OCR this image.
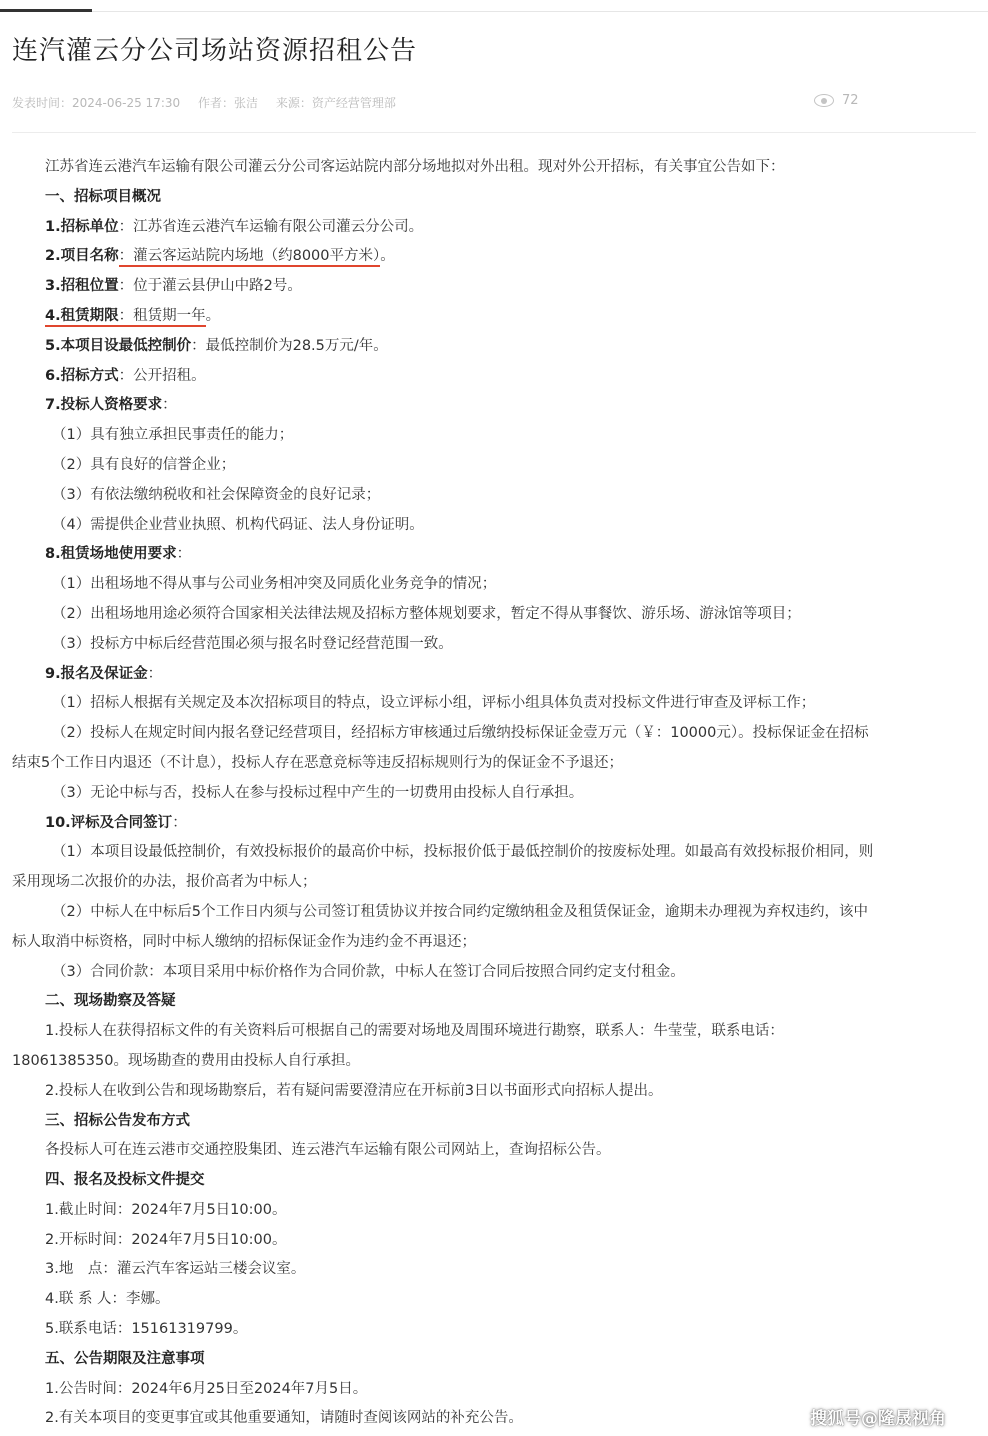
连汽灌云分公司场站资源招租公告
发表时间：2024-06-25 17:30 作者：张洁 来源：资产经营管理部	72
江苏省连云港汽车运输有限公司灌云分公司客运站院内部分场地拟对外出租。现对外公开招标，有关事宜公告如下：
一、招标项目概况
1.招标单位：江苏省连云港汽车运输有限公司灌云分公司。
2.项目名称：灌云客运站院内场地（约8000平方米）。
3.招租位置：位于灌云县伊山中路2号。
4.租赁期限：租赁期一年。
5.本项目设最低控制价：最低控制价为28.5万元/年。
6.招标方式：公开招租。
7.投标人资格要求：
（1）具有独立承担民事责任的能力；
（2）具有良好的信誉企业；
（3）有依法缴纳税收和社会保障资金的良好记录；
（4）需提供企业营业执照、机构代码证、法人身份证明。
8.租赁场地使用要求：
（1）出租场地不得从事与公司业务相冲突及同质化业务竞争的情况；
（2）出租场地用途必须符合国家相关法律法规及招标方整体规划要求，暂定不得从事餐饮、游乐场、游泳馆等项目；
（3）投标方中标后经营范围必须与报名时登记经营范围一致。
9.报名及保证金：
（1）招标人根据有关规定及本次招标项目的特点，设立评标小组，评标小组具体负责对投标文件进行审查及评标工作；
（2）投标人在规定时间内报名登记经营项目，经招标方审核通过后缴纳投标保证金壹万元（￥：10000元）。投标保证金在招标
结束5个工作日内退还（不计息），投标人存在恶意竞标等违反招标规则行为的保证金不予退还；
（3）无论中标与否，投标人在参与投标过程中产生的一切费用由投标人自行承担。
10.评标及合同签订：
（1）本项目设最低控制价，有效投标报价的最高价中标，投标报价低于最低控制价的按废标处理。如最高有效投标报价相同，则
采用现场二次报价的办法，报价高者为中标人；
（2）中标人在中标后5个工作日内须与公司签订租赁协议并按合同约定缴纳租金及租赁保证金，逾期未办理视为弃权违约，该中
标人取消中标资格，同时中标人缴纳的招标保证金作为违约金不再退还；
（3）合同价款：本项目采用中标价格作为合同价款，中标人在签订合同后按照合同约定支付租金。
二、现场勘察及答疑
1.投标人在获得招标文件的有关资料后可根据自己的需要对场地及周围环境进行勘察，联系人：牛莹莹，联系电话：
18061385350。现场勘查的费用由投标人自行承担。
2.投标人在收到公告和现场勘察后，若有疑问需要澄清应在开标前3日以书面形式向招标人提出。
三、招标公告发布方式
各投标人可在连云港市交通控股集团、连云港汽车运输有限公司网站上，查询招标公告。
四、报名及投标文件提交
1.截止时间：2024年7月5日10:00。
2.开标时间：2024年7月5日10:00。
3.地　点：灌云汽车客运站三楼会议室。
4.联 系 人：李娜。
5.联系电话：15161319799。
五、公告期限及注意事项
1.公告时间：2024年6月25日至2024年7月5日。
2.有关本项目的变更事宜或其他重要通知，请随时查阅该网站的补充公告。	搜狐号@隆晟视角
